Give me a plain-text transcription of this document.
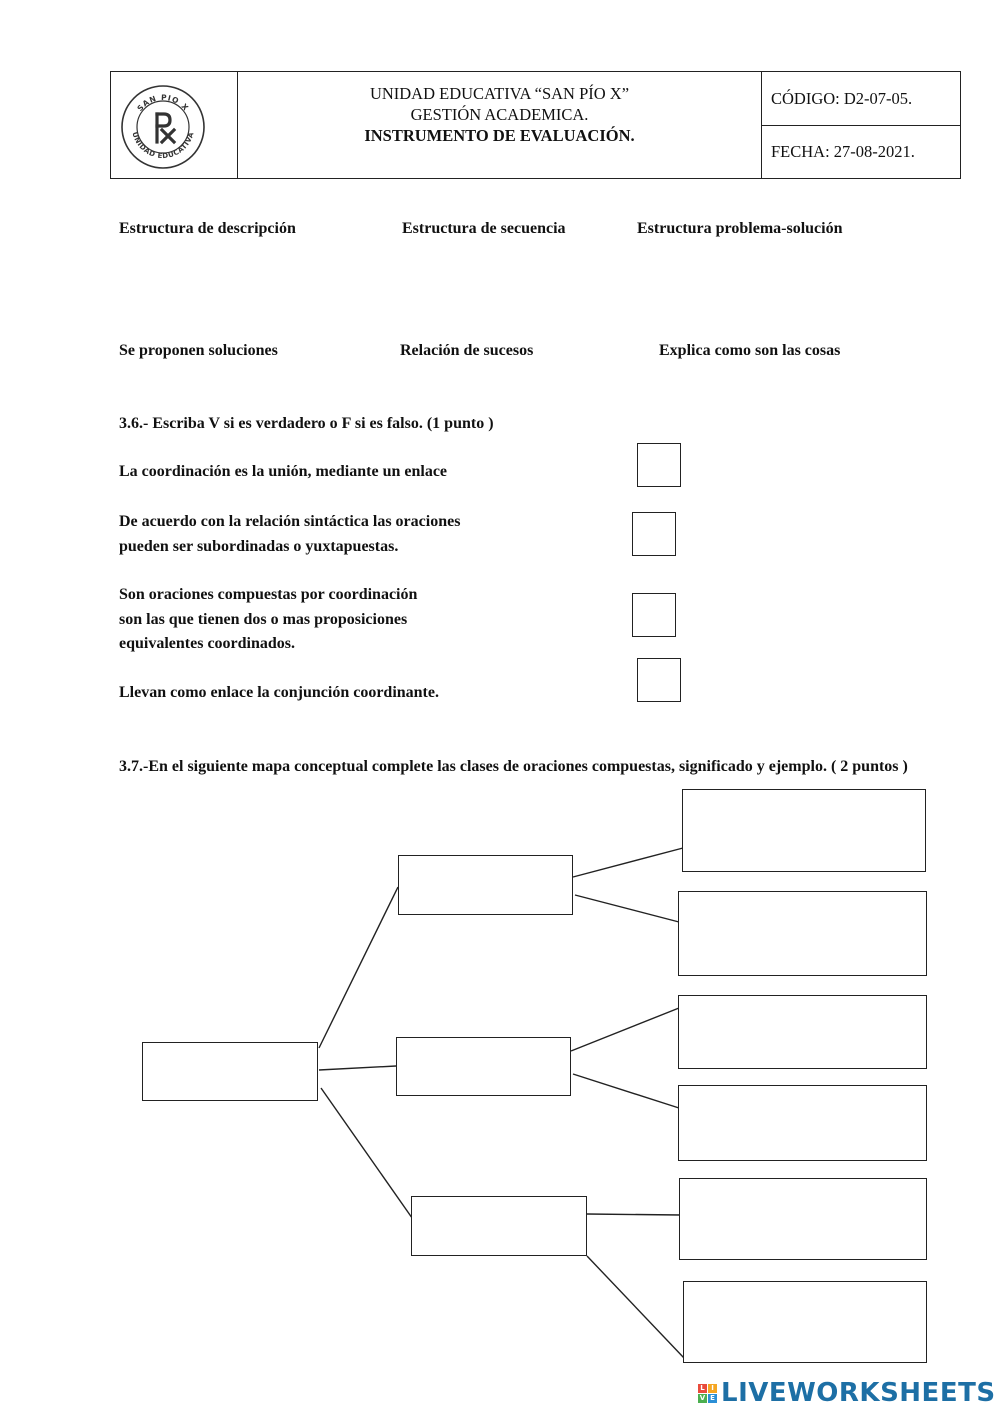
SAN PIO X
UNIDAD EDUCATIVA
UNIDAD EDUCATIVA “SAN PÍO X”
GESTIÓN ACADEMICA.
INSTRUMENTO DE EVALUACIÓN.
CÓDIGO: D2-07-05.
FECHA: 27-08-2021.
Estructura de descripción	Estructura de secuencia	Estructura problema-solución
Se proponen soluciones	Relación de sucesos	Explica como son las cosas
3.6.- Escriba V si es verdadero o F si es falso. (1 punto )
La coordinación es la unión, mediante un enlace
De acuerdo con la relación sintáctica las oraciones
pueden ser subordinadas o yuxtapuestas.
Son oraciones compuestas por coordinación
son las que tienen dos o mas proposiciones
equivalentes coordinados.
Llevan como enlace la conjunción coordinante.
3.7.-En el siguiente mapa conceptual complete las clases de oraciones compuestas, significado y ejemplo. ( 2 puntos )
L I
V E LIVEWORKSHEETS
